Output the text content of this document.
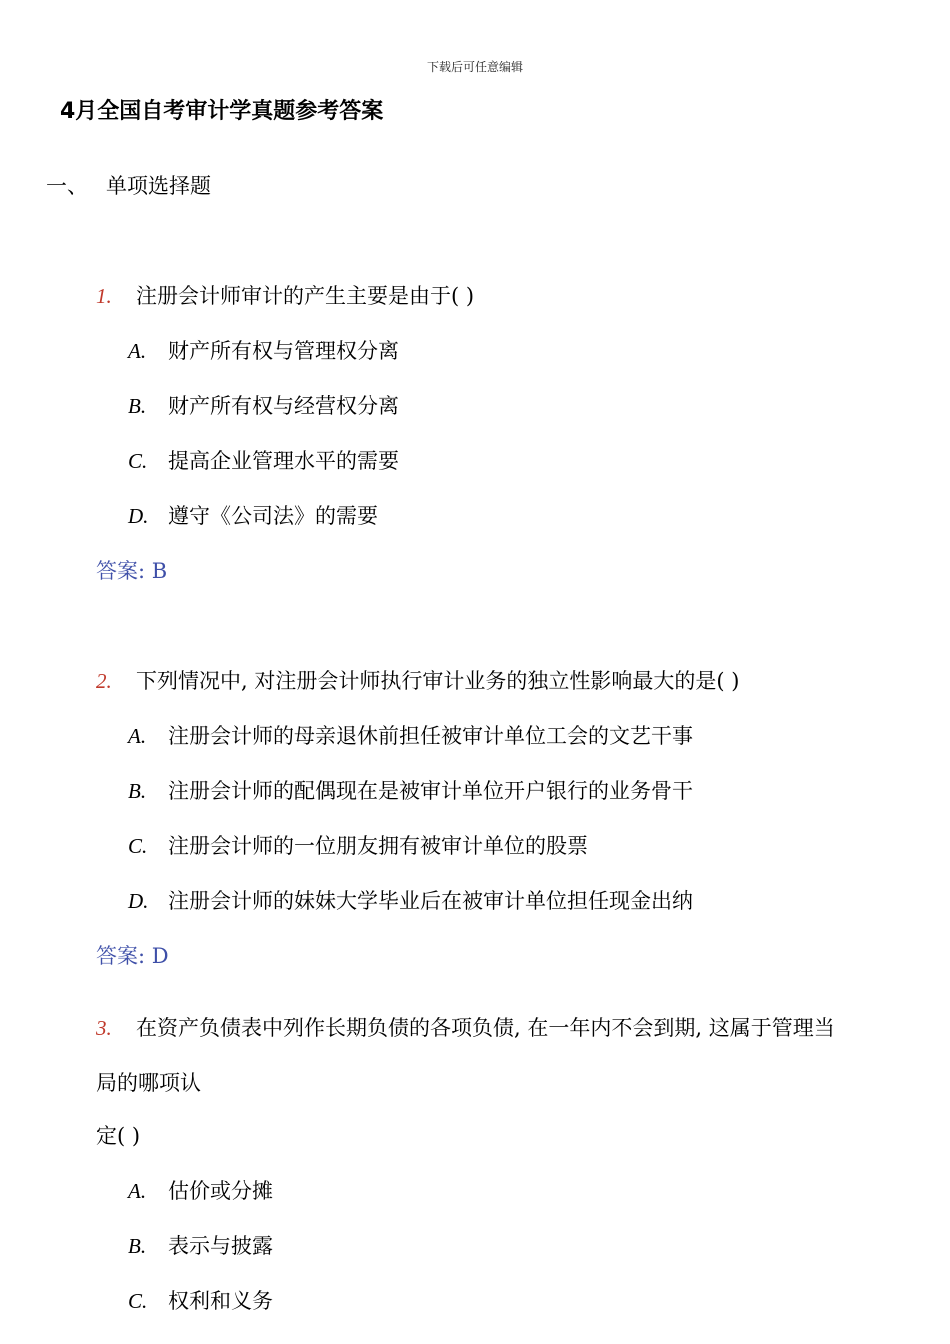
下载后可任意编辑
4月全国自考审计学真题参考答案
一、 单项选择题
1. 注册会计师审计的产生主要是由于( )
A. 财产所有权与管理权分离
B. 财产所有权与经营权分离
C. 提高企业管理水平的需要
D. 遵守《公司法》的需要
答案: B
2. 下列情况中, 对注册会计师执行审计业务的独立性影响最大的是( )
A. 注册会计师的母亲退休前担任被审计单位工会的文艺干事
B. 注册会计师的配偶现在是被审计单位开户银行的业务骨干
C. 注册会计师的一位朋友拥有被审计单位的股票
D. 注册会计师的妹妹大学毕业后在被审计单位担任现金出纳
答案: D
3. 在资产负债表中列作长期负债的各项负债, 在一年内不会到期, 这属于管理当
局的哪项认
定( )
A. 估价或分摊
B. 表示与披露
C. 权利和义务
